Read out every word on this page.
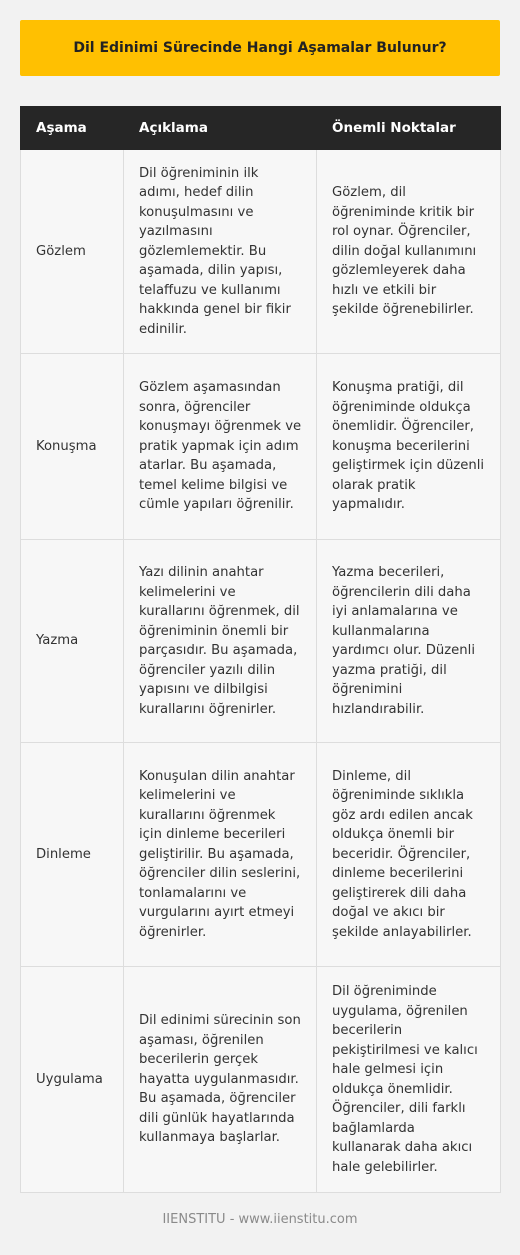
Dil Edinimi Sürecinde Hangi Aşamalar Bulunur?
Aşama	Açıklama	Önemli Noktalar
Gözlem	Dil öğreniminin ilk adımı, hedef dilin konuşulmasını ve yazılmasını gözlemlemektir. Bu aşamada, dilin yapısı, telaffuzu ve kullanımı hakkında genel bir fikir edinilir.	Gözlem, dil öğreniminde kritik bir rol oynar. Öğrenciler, dilin doğal kullanımını gözlemleyerek daha hızlı ve etkili bir şekilde öğrenebilirler.
Konuşma	Gözlem aşamasından sonra, öğrenciler konuşmayı öğrenmek ve pratik yapmak için adım atarlar. Bu aşamada, temel kelime bilgisi ve cümle yapıları öğrenilir.	Konuşma pratiği, dil öğreniminde oldukça önemlidir. Öğrenciler, konuşma becerilerini geliştirmek için düzenli olarak pratik yapmalıdır.
Yazma	Yazı dilinin anahtar kelimelerini ve kurallarını öğrenmek, dil öğreniminin önemli bir parçasıdır. Bu aşamada, öğrenciler yazılı dilin yapısını ve dilbilgisi kurallarını öğrenirler.	Yazma becerileri, öğrencilerin dili daha iyi anlamalarına ve kullanmalarına yardımcı olur. Düzenli yazma pratiği, dil öğrenimini hızlandırabilir.
Dinleme	Konuşulan dilin anahtar kelimelerini ve kurallarını öğrenmek için dinleme becerileri geliştirilir. Bu aşamada, öğrenciler dilin seslerini, tonlamalarını ve vurgularını ayırt etmeyi öğrenirler.	Dinleme, dil öğreniminde sıklıkla göz ardı edilen ancak oldukça önemli bir beceridir. Öğrenciler, dinleme becerilerini geliştirerek dili daha doğal ve akıcı bir şekilde anlayabilirler.
Uygulama	Dil edinimi sürecinin son aşaması, öğrenilen becerilerin gerçek hayatta uygulanmasıdır. Bu aşamada, öğrenciler dili günlük hayatlarında kullanmaya başlarlar.	Dil öğreniminde uygulama, öğrenilen becerilerin pekiştirilmesi ve kalıcı hale gelmesi için oldukça önemlidir. Öğrenciler, dili farklı bağlamlarda kullanarak daha akıcı hale gelebilirler.
IIENSTITU - www.iienstitu.com
